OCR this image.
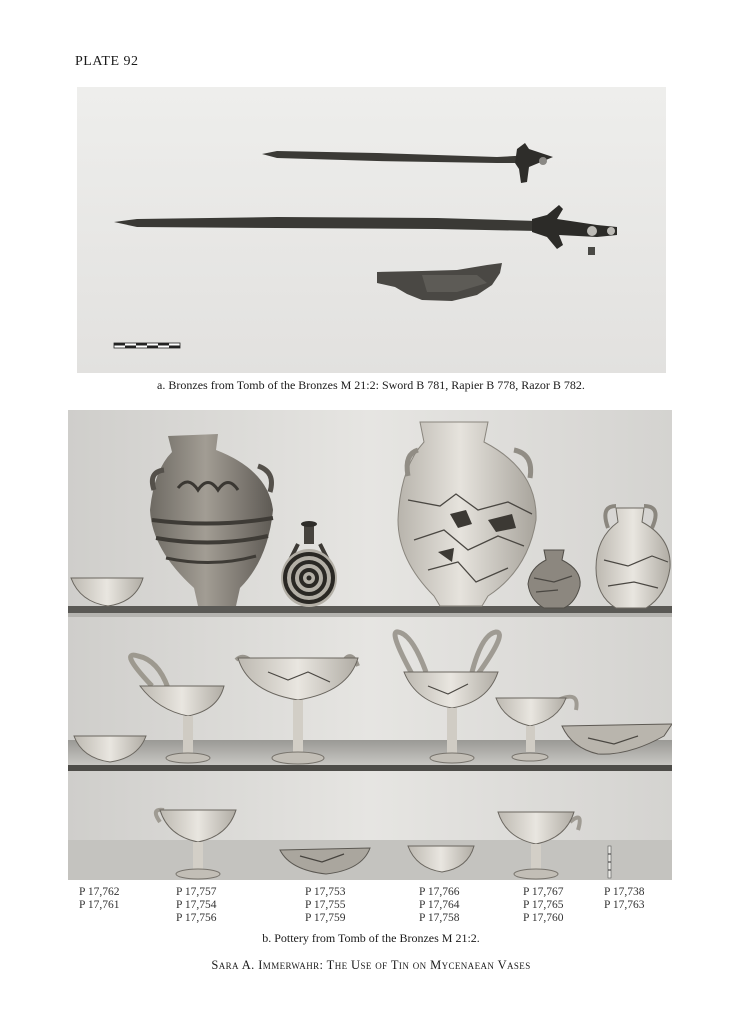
PLATE 92
a. Bronzes from Tomb of the Bronzes M 21:2: Sword B 781, Rapier B 778, Razor B 782.
P 17,762
P 17,761
P 17,757
P 17,754
P 17,756
P 17,753
P 17,755
P 17,759
P 17,766
P 17,764
P 17,758
P 17,767
P 17,765
P 17,760
P 17,738
P 17,763
b. Pottery from Tomb of the Bronzes M 21:2.
Sara A. Immerwahr: The Use of Tin on Mycenaean Vases
